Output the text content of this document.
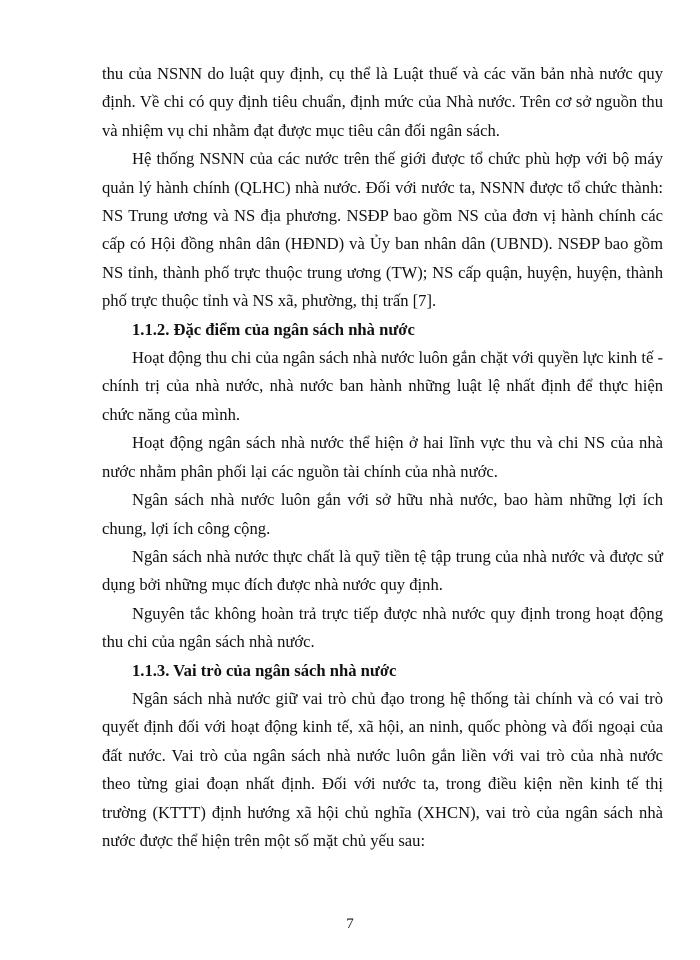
thu của NSNN do luật quy định, cụ thể là Luật thuế và các văn bản nhà nước quy định. Về chi có quy định tiêu chuẩn, định mức của Nhà nước. Trên cơ sở nguồn thu và nhiệm vụ chi nhằm đạt được mục tiêu cân đối ngân sách.

Hệ thống NSNN của các nước trên thế giới được tổ chức phù hợp với bộ máy quản lý hành chính (QLHC) nhà nước. Đối với nước ta, NSNN được tổ chức thành: NS Trung ương và NS địa phương. NSĐP bao gồm NS của đơn vị hành chính các cấp có Hội đồng nhân dân (HĐND) và Ủy ban nhân dân (UBND). NSĐP bao gồm NS tỉnh, thành phố trực thuộc trung ương (TW); NS cấp quận, huyện, huyện, thành phố trực thuộc tỉnh và NS xã, phường, thị trấn [7].

1.1.2. Đặc điểm của ngân sách nhà nước

Hoạt động thu chi của ngân sách nhà nước luôn gắn chặt với quyền lực kinh tế - chính trị của nhà nước, nhà nước ban hành những luật lệ nhất định để thực hiện chức năng của mình.

Hoạt động ngân sách nhà nước thể hiện ở hai lĩnh vực thu và chi NS của nhà nước nhằm phân phối lại các nguồn tài chính của nhà nước.

Ngân sách nhà nước luôn gắn với sở hữu nhà nước, bao hàm những lợi ích chung, lợi ích công cộng.

Ngân sách nhà nước thực chất là quỹ tiền tệ tập trung của nhà nước và được sử dụng bởi những mục đích được nhà nước quy định.

Nguyên tắc không hoàn trả trực tiếp được nhà nước quy định trong hoạt động thu chi của ngân sách nhà nước.

1.1.3. Vai trò của ngân sách nhà nước

Ngân sách nhà nước giữ vai trò chủ đạo trong hệ thống tài chính và có vai trò quyết định đối với hoạt động kinh tế, xã hội, an ninh, quốc phòng và đối ngoại của đất nước. Vai trò của ngân sách nhà nước luôn gắn liền với vai trò của nhà nước theo từng giai đoạn nhất định. Đối với nước ta, trong điều kiện nền kinh tế thị trường (KTTT) định hướng xã hội chủ nghĩa (XHCN), vai trò của ngân sách nhà nước được thể hiện trên một số mặt chủ yếu sau:

7
